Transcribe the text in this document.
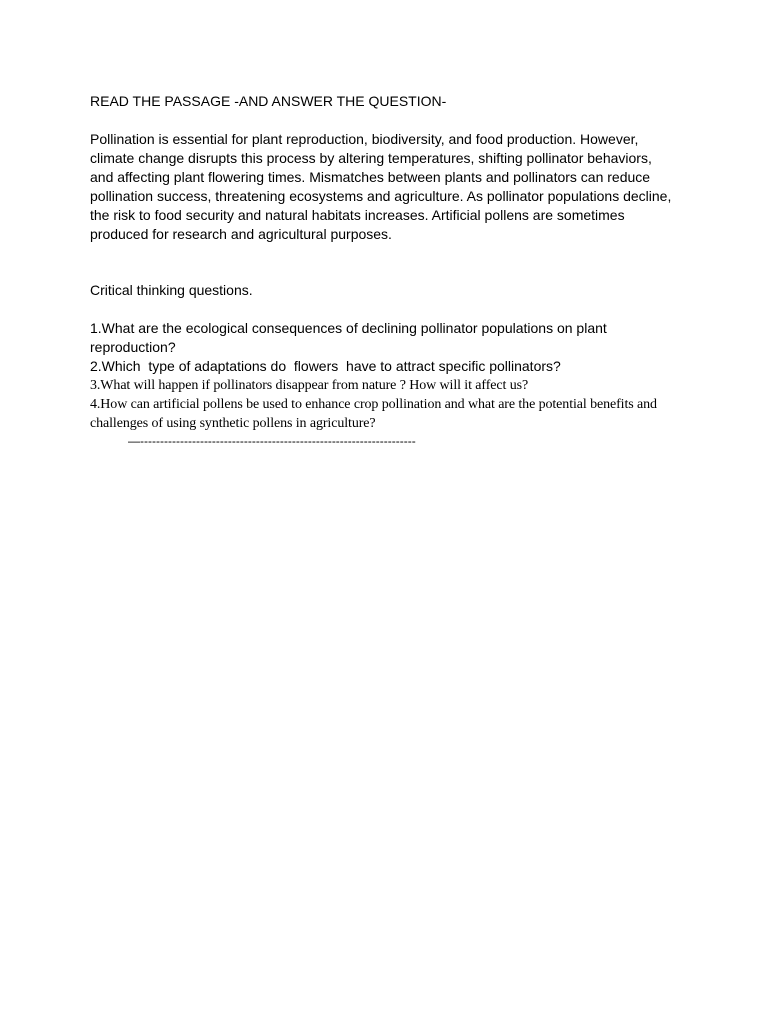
READ THE PASSAGE -AND ANSWER THE QUESTION-

Pollination is essential for plant reproduction, biodiversity, and food production. However, climate change disrupts this process by altering temperatures, shifting pollinator behaviors, and affecting plant flowering times. Mismatches between plants and pollinators can reduce pollination success, threatening ecosystems and agriculture. As pollinator populations decline, the risk to food security and natural habitats increases. Artificial pollens are sometimes produced for research and agricultural purposes.

Critical thinking questions.
1.What are the ecological consequences of declining pollinator populations on plant reproduction?
2.Which  type of adaptations do  flowers  have to attract specific pollinators?
3.What will happen if pollinators disappear from nature ? How will it affect us?
4.How can artificial pollens be used to enhance crop pollination and what are the potential benefits and challenges of using synthetic pollens in agriculture?
—---------------------------------------------------------------------
